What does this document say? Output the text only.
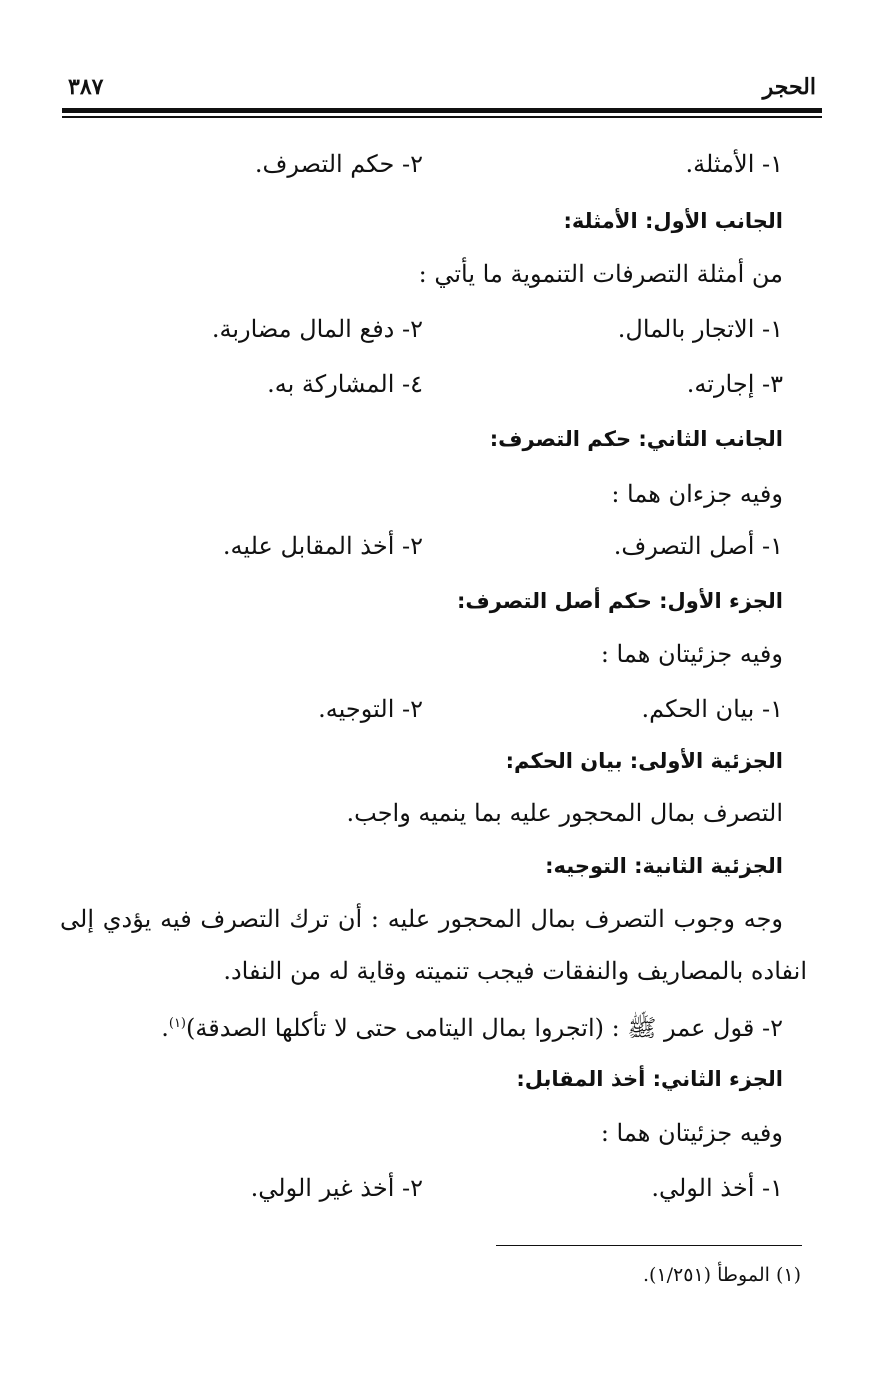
٣٨٧	الحجر
١- الأمثلة.
٢- حكم التصرف.
الجانب الأول: الأمثلة:
من أمثلة التصرفات التنموية ما يأتي :
١- الاتجار بالمال.
٢- دفع المال مضاربة.
٣- إجارته.
٤- المشاركة به.
الجانب الثاني: حكم التصرف:
وفيه جزءان هما :
١- أصل التصرف.
٢- أخذ المقابل عليه.
الجزء الأول: حكم أصل التصرف:
وفيه جزئيتان هما :
١- بيان الحكم.
٢- التوجيه.
الجزئية الأولى: بيان الحكم:
التصرف بمال المحجور عليه بما ينميه واجب.
الجزئية الثانية: التوجيه:
وجه وجوب التصرف بمال المحجور عليه : أن ترك التصرف فيه يؤدي إلى
انفاده بالمصاريف والنفقات فيجب تنميته وقاية له من النفاد.
٢- قول عمر ﷺ : (اتجروا بمال اليتامى حتى لا تأكلها الصدقة)$^{(١)}$.
الجزء الثاني: أخذ المقابل:
وفيه جزئيتان هما :
١- أخذ الولي.
٢- أخذ غير الولي.
(١) الموطأ (١/٢٥١).
